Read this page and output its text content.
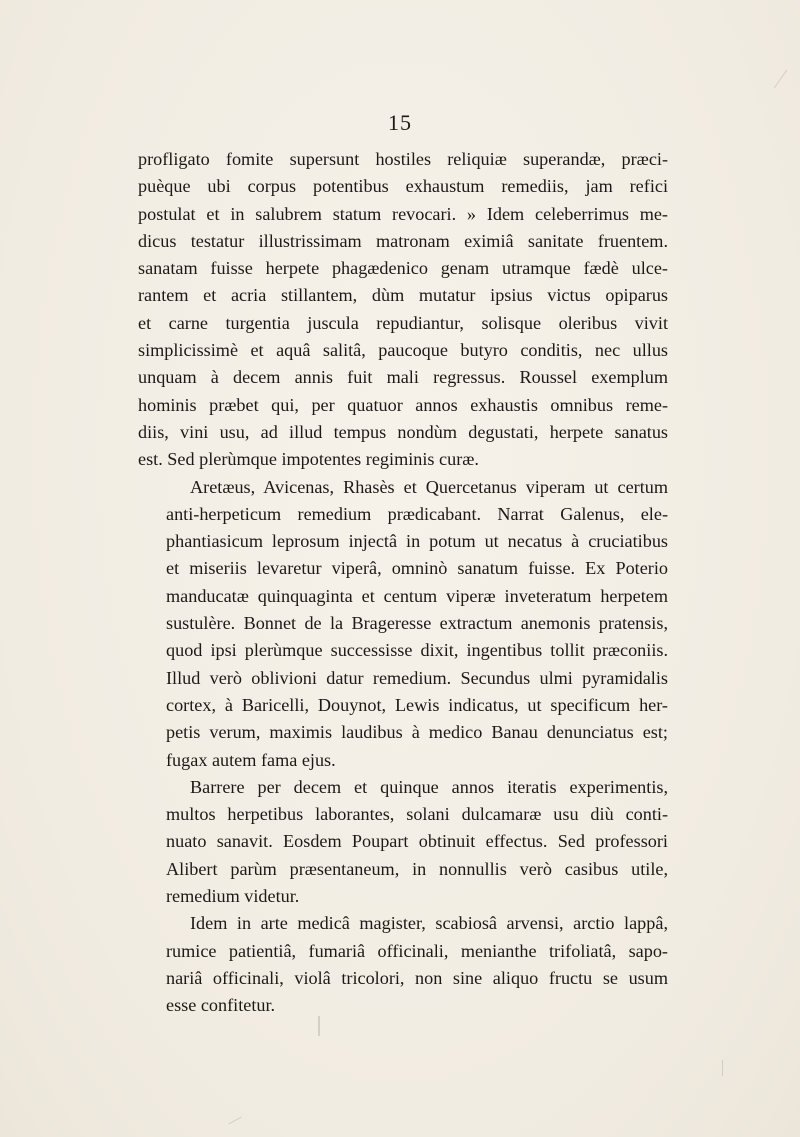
15
profligato fomite supersunt hostiles reliquiæ superandæ, præci-
puèque ubi corpus potentibus exhaustum remediis, jam refici
postulat et in salubrem statum revocari. » Idem celeberrimus me-
dicus testatur illustrissimam matronam eximiâ sanitate fruentem.
sanatam fuisse herpete phagædenico genam utramque fædè ulce-
rantem et acria stillantem, dùm mutatur ipsius victus opiparus
et carne turgentia juscula repudiantur, solisque oleribus vivit
simplicissimè et aquâ salitâ, paucoque butyro conditis, nec ullus
unquam à decem annis fuit mali regressus. Roussel exemplum
hominis præbet qui, per quatuor annos exhaustis omnibus reme-
diis, vini usu, ad illud tempus nondùm degustati, herpete sanatus
est. Sed plerùmque impotentes regiminis curæ.
Aretæus, Avicenas, Rhasès et Quercetanus viperam ut certum
anti-herpeticum remedium prædicabant. Narrat Galenus, ele-
phantiasicum leprosum injectâ in potum ut necatus à cruciatibus
et miseriis levaretur viperâ, omninò sanatum fuisse. Ex Poterio
manducatæ quinquaginta et centum viperæ inveteratum herpetem
sustulère. Bonnet de la Brageresse extractum anemonis pratensis,
quod ipsi plerùmque successisse dixit, ingentibus tollit præconiis.
Illud verò oblivioni datur remedium. Secundus ulmi pyramidalis
cortex, à Baricelli, Douynot, Lewis indicatus, ut specificum her-
petis verum, maximis laudibus à medico Banau denunciatus est;
fugax autem fama ejus.
Barrere per decem et quinque annos iteratis experimentis,
multos herpetibus laborantes, solani dulcamaræ usu diù conti-
nuato sanavit. Eosdem Poupart obtinuit effectus. Sed professori
Alibert parùm præsentaneum, in nonnullis verò casibus utile,
remedium videtur.
Idem in arte medicâ magister, scabiosâ arvensi, arctio lappâ,
rumice patientiâ, fumariâ officinali, menianthe trifoliatâ, sapo-
nariâ officinali, violâ tricolori, non sine aliquo fructu se usum
esse confitetur.
